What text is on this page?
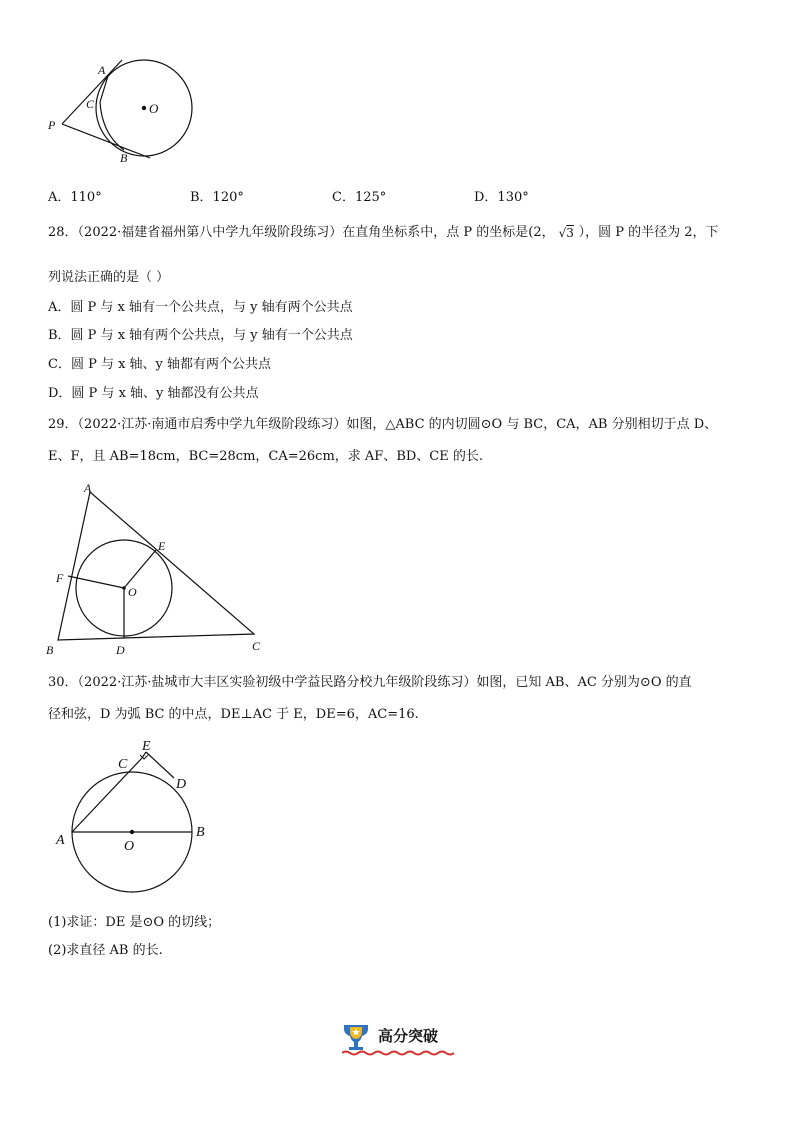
A
C	O
P
B
A．110°	B．120°	C．125°	D．130°
28．（2022·福建省福州第八中学九年级阶段练习）在直角坐标系中，点 P 的坐标是(2， √3 ），圆 P 的半径为 2，下
列说法正确的是（ ）
A．圆 P 与 x 轴有一个公共点，与 y 轴有两个公共点
B．圆 P 与 x 轴有两个公共点，与 y 轴有一个公共点
C．圆 P 与 x 轴、y 轴都有两个公共点
D．圆 P 与 x 轴、y 轴都没有公共点
29．（2022·江苏·南通市启秀中学九年级阶段练习）如图，△ABC 的内切圆⊙O 与 BC，CA，AB 分别相切于点 D、
E、F，且 AB=18cm，BC=28cm，CA=26cm，求 AF、BD、CE 的长.
A
E
F
O
B	D	C
30．（2022·江苏·盐城市大丰区实验初级中学益民路分校九年级阶段练习）如图，已知 AB、AC 分别为⊙O 的直
径和弦，D 为弧 BC 的中点，DE⊥AC 于 E，DE=6，AC=16.
E
C
D
A
B
O
(1)求证：DE 是⊙O 的切线；
(2)求直径 AB 的长.
高分突破
